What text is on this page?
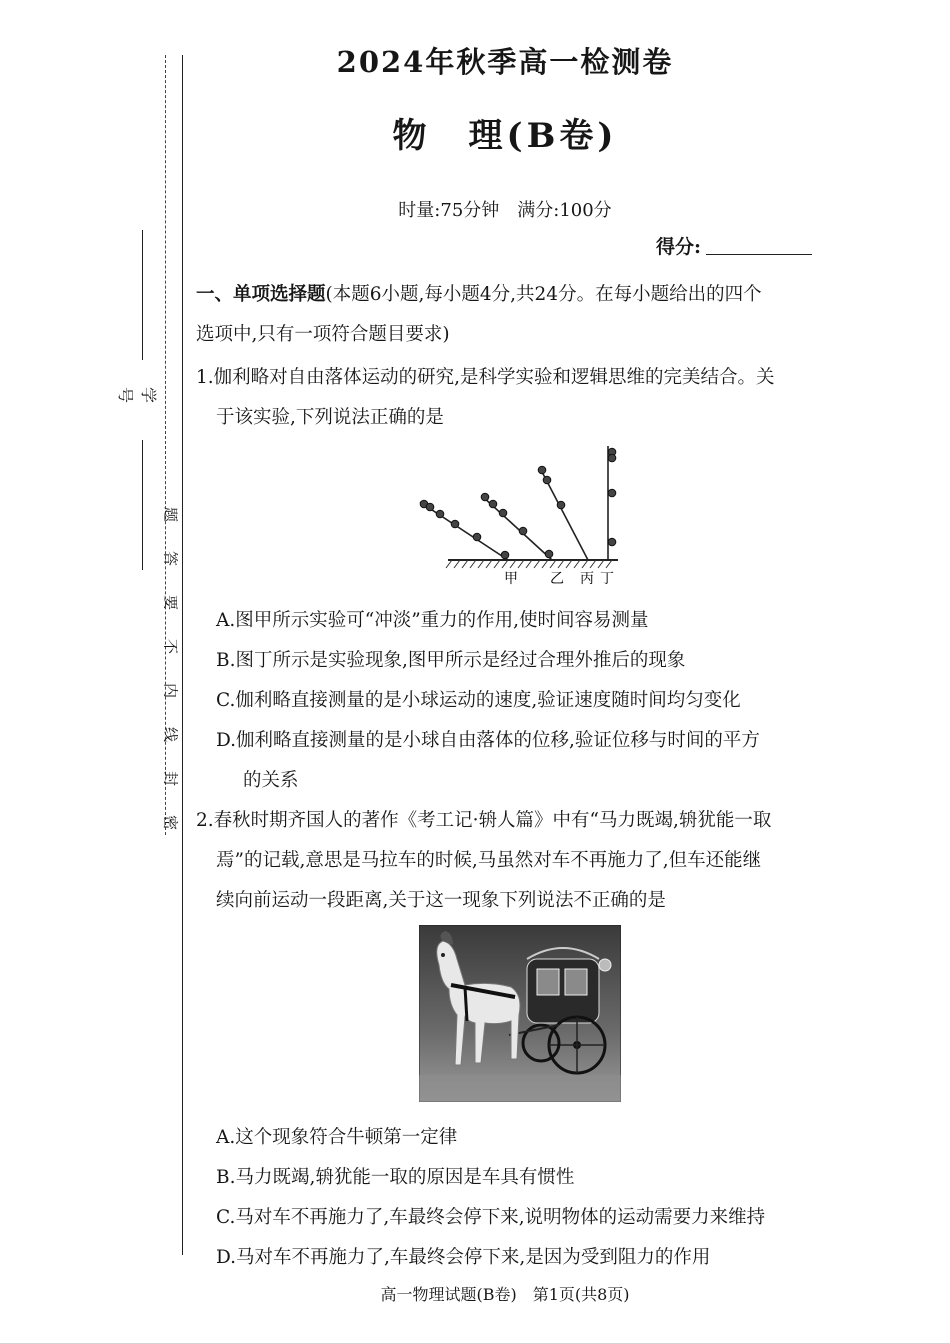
学号
密
封
线
内
不
要
答
题
2024年秋季高一检测卷
物　理(B卷)
时量:75分钟　满分:100分
得分:
一、单项选择题(本题6小题,每小题4分,共24分。在每小题给出的四个
选项中,只有一项符合题目要求)
1.伽利略对自由落体运动的研究,是科学实验和逻辑思维的完美结合。关
于该实验,下列说法正确的是
甲 乙 丙 丁
A.图甲所示实验可“冲淡”重力的作用,使时间容易测量
B.图丁所示是实验现象,图甲所示是经过合理外推后的现象
C.伽利略直接测量的是小球运动的速度,验证速度随时间均匀变化
D.伽利略直接测量的是小球自由落体的位移,验证位移与时间的平方
的关系
2.春秋时期齐国人的著作《考工记·辀人篇》中有“马力既竭,辀犹能一取
焉”的记载,意思是马拉车的时候,马虽然对车不再施力了,但车还能继
续向前运动一段距离,关于这一现象下列说法不正确的是
A.这个现象符合牛顿第一定律
B.马力既竭,辀犹能一取的原因是车具有惯性
C.马对车不再施力了,车最终会停下来,说明物体的运动需要力来维持
D.马对车不再施力了,车最终会停下来,是因为受到阻力的作用
高一物理试题(B卷)　第1页(共8页)
